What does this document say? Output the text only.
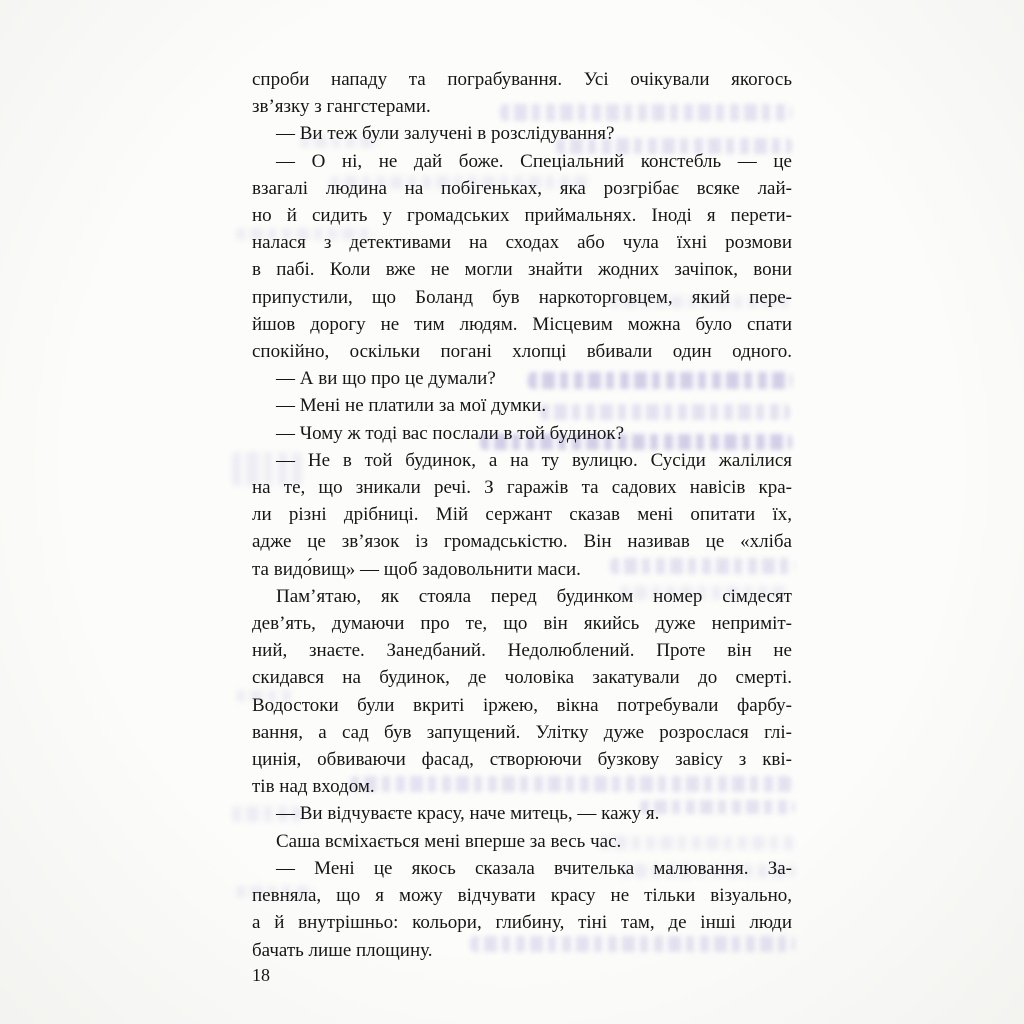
спроби нападу та пограбування. Усі очікували якогось
зв’язку з гангстерами.
— Ви теж були залучені в розслідування?
— О ні, не дай боже. Спеціальний констебль — це
взагалі людина на побігеньках, яка розгрібає всяке лай-
но й сидить у громадських приймальнях. Іноді я перети-
налася з детективами на сходах або чула їхні розмови
в пабі. Коли вже не могли знайти жодних зачіпок, вони
припустили, що Боланд був наркоторговцем, який пере-
йшов дорогу не тим людям. Місцевим можна було спати
спокійно, оскільки погані хлопці вбивали один одного.
— А ви що про це думали?
— Мені не платили за мої думки.
— Чому ж тоді вас послали в той будинок?
— Не в той будинок, а на ту вулицю. Сусіди жалілися
на те, що зникали речі. З гаражів та садових навісів кра-
ли різні дрібниці. Мій сержант сказав мені опитати їх,
адже це зв’язок із громадськістю. Він називав це «хліба
та видо́вищ» — щоб задовольнити маси.
Пам’ятаю, як стояла перед будинком номер сімдесят
дев’ять, думаючи про те, що він якийсь дуже непримiт-
ний, знаєте. Занедбаний. Недолюблений. Проте він не
скидався на будинок, де чоловіка закатували до смерті.
Водостоки були вкриті іржею, вікна потребували фарбу-
вання, а сад був запущений. Улітку дуже розрослася глі-
цинія, обвиваючи фасад, створюючи бузкову завісу з кві-
тів над входом.
— Ви відчуваєте красу, наче митець, — кажу я.
Саша всміхається мені вперше за весь час.
— Мені це якось сказала вчителька малювання. За-
певняла, що я можу відчувати красу не тільки візуально,
а й внутрішньо: кольори, глибину, тіні там, де інші люди
бачать лише площину.
18
